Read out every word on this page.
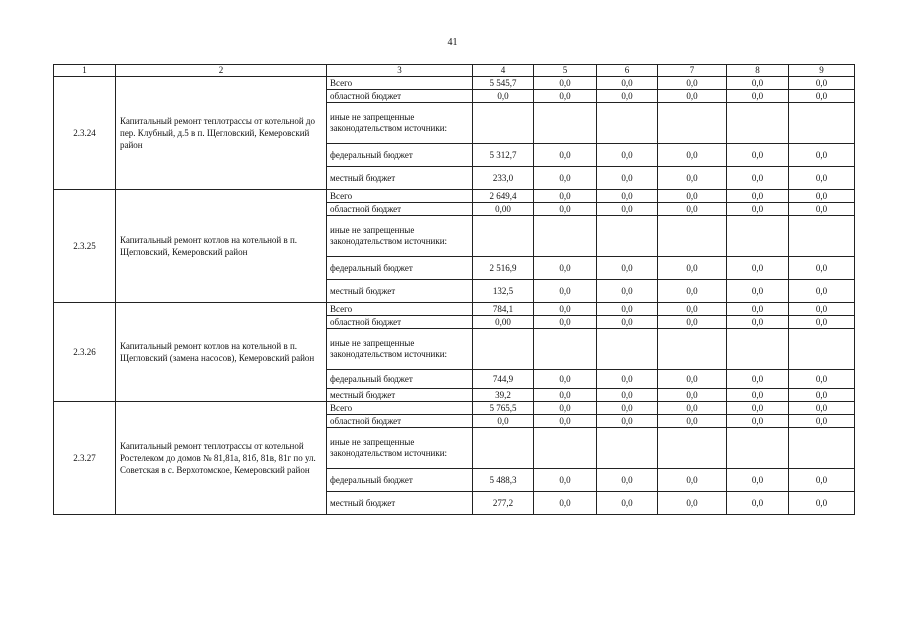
41
1	2	3	4	5	6	7	8	9
2.3.24	Капитальный ремонт теплотрассы от котельной до пер. Клубный, д.5 в п. Щегловский, Кемеровский район	Всего	5 545,7	0,0	0,0	0,0	0,0	0,0
		областной бюджет	0,0	0,0	0,0	0,0	0,0	0,0
		иные не запрещенные законодательством источники:						
		федеральный бюджет	5 312,7	0,0	0,0	0,0	0,0	0,0
		местный бюджет	233,0	0,0	0,0	0,0	0,0	0,0
2.3.25	Капитальный ремонт котлов на котельной в п. Щегловский, Кемеровский район	Всего	2 649,4	0,0	0,0	0,0	0,0	0,0
		областной бюджет	0,00	0,0	0,0	0,0	0,0	0,0
		иные не запрещенные законодательством источники:						
		федеральный бюджет	2 516,9	0,0	0,0	0,0	0,0	0,0
		местный бюджет	132,5	0,0	0,0	0,0	0,0	0,0
2.3.26	Капитальный ремонт котлов на котельной в п. Щегловский (замена насосов), Кемеровский район	Всего	784,1	0,0	0,0	0,0	0,0	0,0
		областной бюджет	0,00	0,0	0,0	0,0	0,0	0,0
		иные не запрещенные законодательством источники:						
		федеральный бюджет	744,9	0,0	0,0	0,0	0,0	0,0
		местный бюджет	39,2	0,0	0,0	0,0	0,0	0,0
2.3.27	Капитальный ремонт теплотрассы от котельной Ростелеком до домов № 81,81а, 81б, 81в, 81г по ул. Советская в с. Верхотомское, Кемеровский район	Всего	5 765,5	0,0	0,0	0,0	0,0	0,0
		областной бюджет	0,0	0,0	0,0	0,0	0,0	0,0
		иные не запрещенные законодательством источники:						
		федеральный бюджет	5 488,3	0,0	0,0	0,0	0,0	0,0
		местный бюджет	277,2	0,0	0,0	0,0	0,0	0,0
